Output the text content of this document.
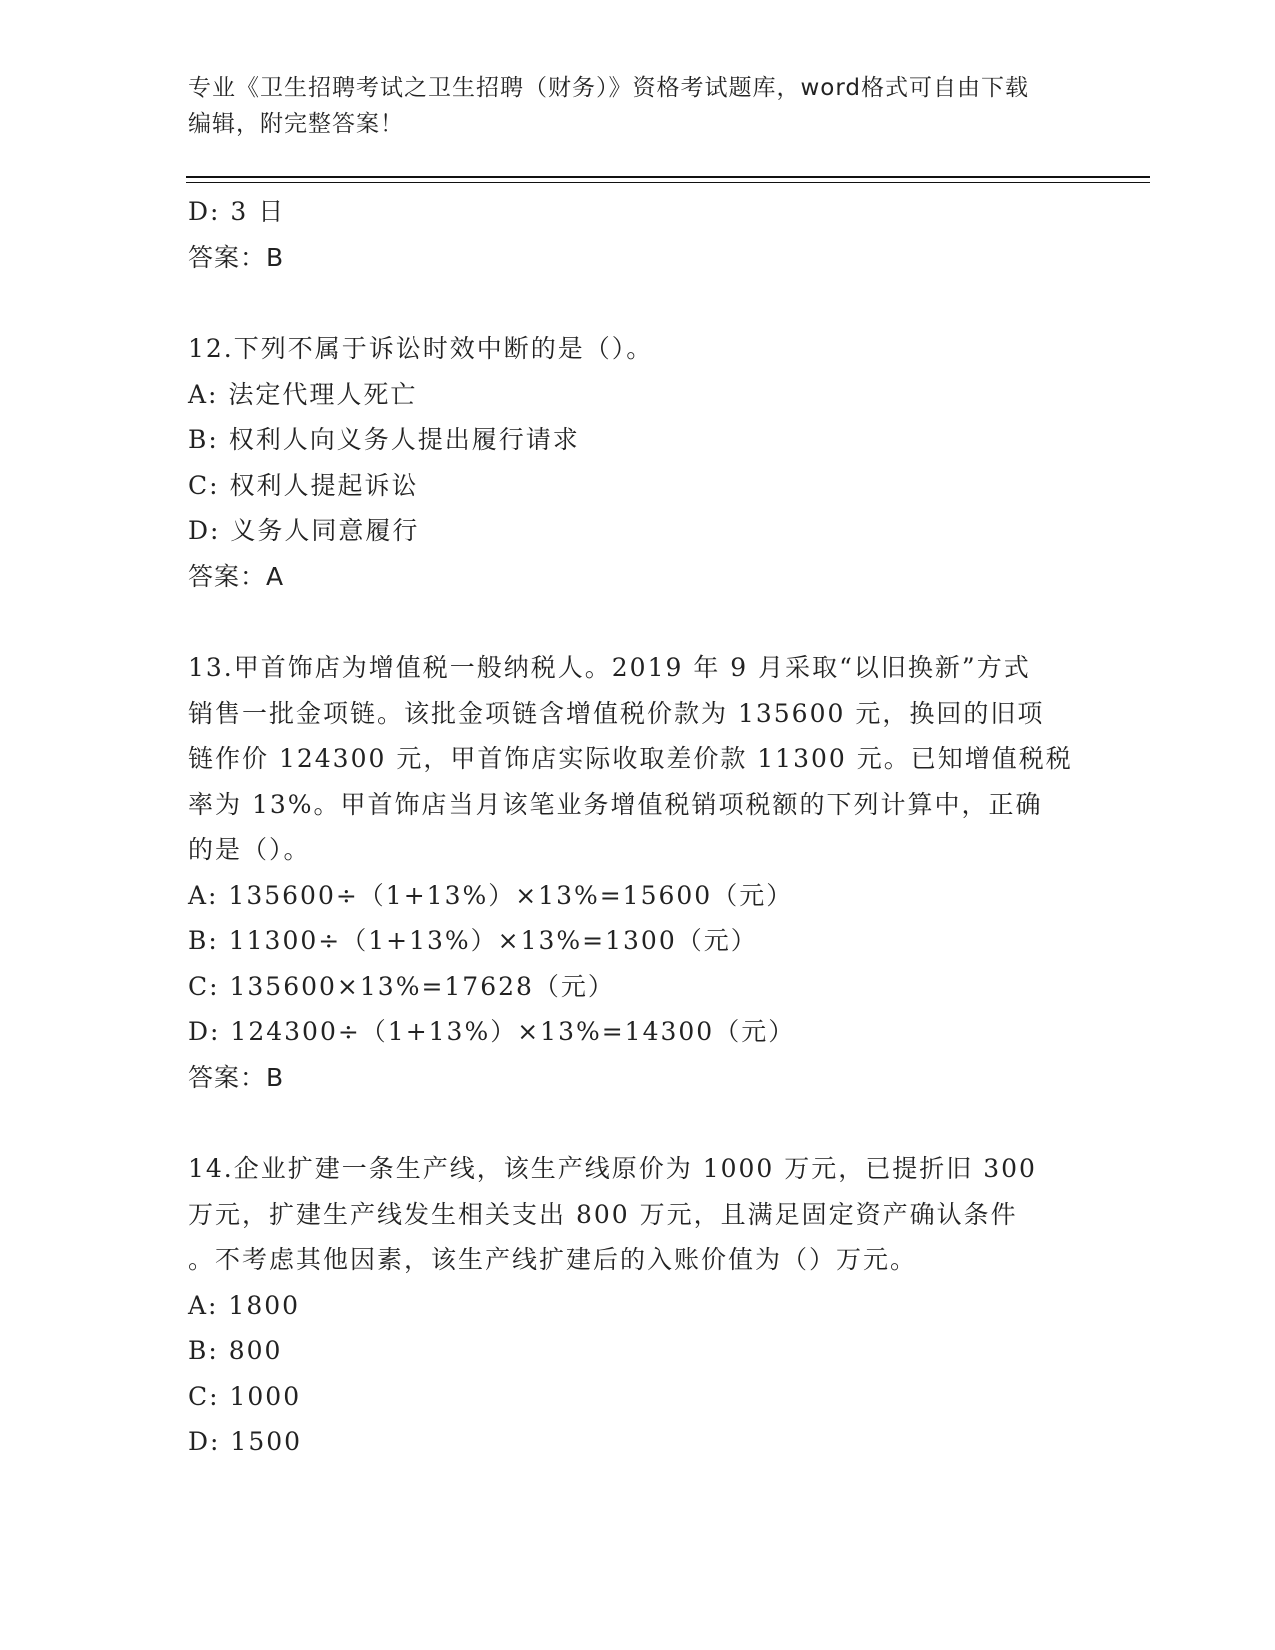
专业《卫生招聘考试之卫生招聘（财务）》资格考试题库，word格式可自由下载
编辑，附完整答案！
D: 3 日
答案：B
12.下列不属于诉讼时效中断的是（）。
A: 法定代理人死亡
B: 权利人向义务人提出履行请求
C: 权利人提起诉讼
D: 义务人同意履行
答案：A
13.甲首饰店为增值税一般纳税人。2019 年 9 月采取“以旧换新”方式
销售一批金项链。该批金项链含增值税价款为 135600 元，换回的旧项
链作价 124300 元，甲首饰店实际收取差价款 11300 元。已知增值税税
率为 13%。甲首饰店当月该笔业务增值税销项税额的下列计算中，正确
的是（）。
A: 135600÷（1+13%）×13%=15600（元）
B: 11300÷（1+13%）×13%=1300（元）
C: 135600×13%=17628（元）
D: 124300÷（1+13%）×13%=14300（元）
答案：B
14.企业扩建一条生产线，该生产线原价为 1000 万元，已提折旧 300
万元，扩建生产线发生相关支出 800 万元，且满足固定资产确认条件
。不考虑其他因素，该生产线扩建后的入账价值为（）万元。
A: 1800
B: 800
C: 1000
D: 1500
